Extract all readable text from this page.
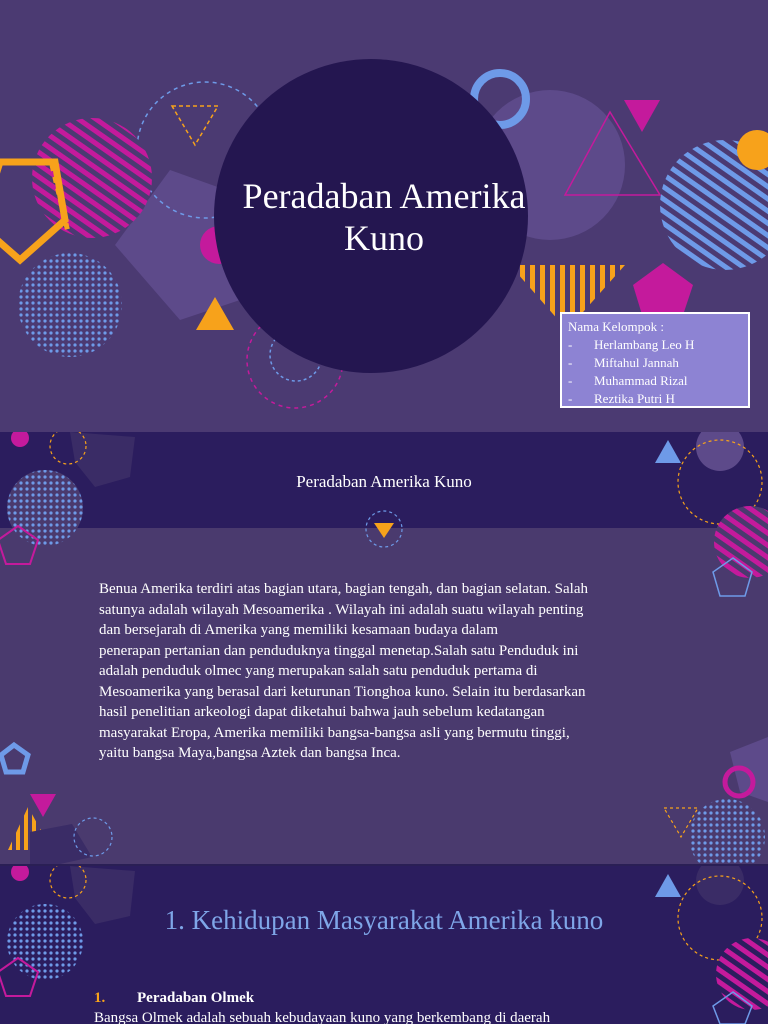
Peradaban Amerika Kuno
Nama Kelompok :
-	Herlambang Leo H
-	Miftahul Jannah
-	Muhammad Rizal
-	Reztika Putri H
Peradaban Amerika Kuno

Benua Amerika terdiri atas bagian utara, bagian tengah, dan bagian selatan. Salah
satunya adalah wilayah Mesoamerika . Wilayah ini adalah suatu wilayah penting
dan bersejarah di Amerika yang memiliki kesamaan budaya dalam
penerapan pertanian dan penduduknya tinggal menetap.Salah satu Penduduk ini
adalah penduduk olmec yang merupakan salah satu penduduk pertama di
Mesoamerika yang berasal dari keturunan Tionghoa kuno. Selain itu berdasarkan
hasil penelitian arkeologi dapat diketahui bahwa jauh sebelum kedatangan
masyarakat Eropa, Amerika memiliki bangsa-bangsa asli yang bermutu tinggi,
yaitu bangsa Maya,bangsa Aztek dan bangsa Inca.

1. Kehidupan Masyarakat Amerika kuno
1. Peradaban Olmek
Bangsa Olmek adalah sebuah kebudayaan kuno yang berkembang di daerah
